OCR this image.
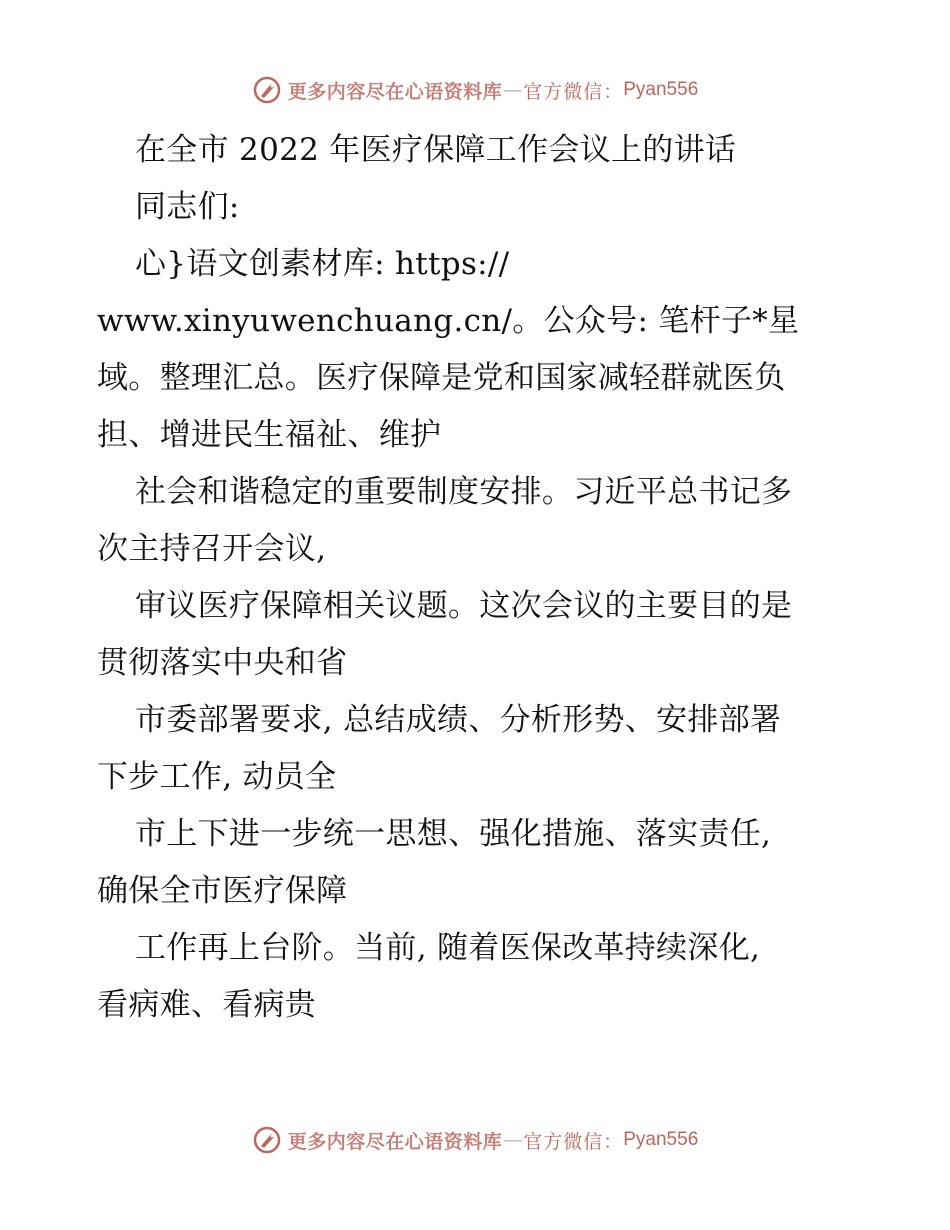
更多内容尽在心语资料库 — 官方微信： Pyan556
在全市 2022 年医疗保障工作会议上的讲话
同志们:
心}语文创素材库: https://
www.xinyuwenchuang.cn/。公众号: 笔杆子*星
域。整理汇总。医疗保障是党和国家减轻群就医负
担、增进民生福祉、维护
社会和谐稳定的重要制度安排。习近平总书记多
次主持召开会议,
审议医疗保障相关议题。这次会议的主要目的是
贯彻落实中央和省
市委部署要求, 总结成绩、分析形势、安排部署
下步工作, 动员全
市上下进一步统一思想、强化措施、落实责任,
确保全市医疗保障
工作再上台阶。当前, 随着医保改革持续深化,
看病难、看病贵
更多内容尽在心语资料库 — 官方微信： Pyan556
